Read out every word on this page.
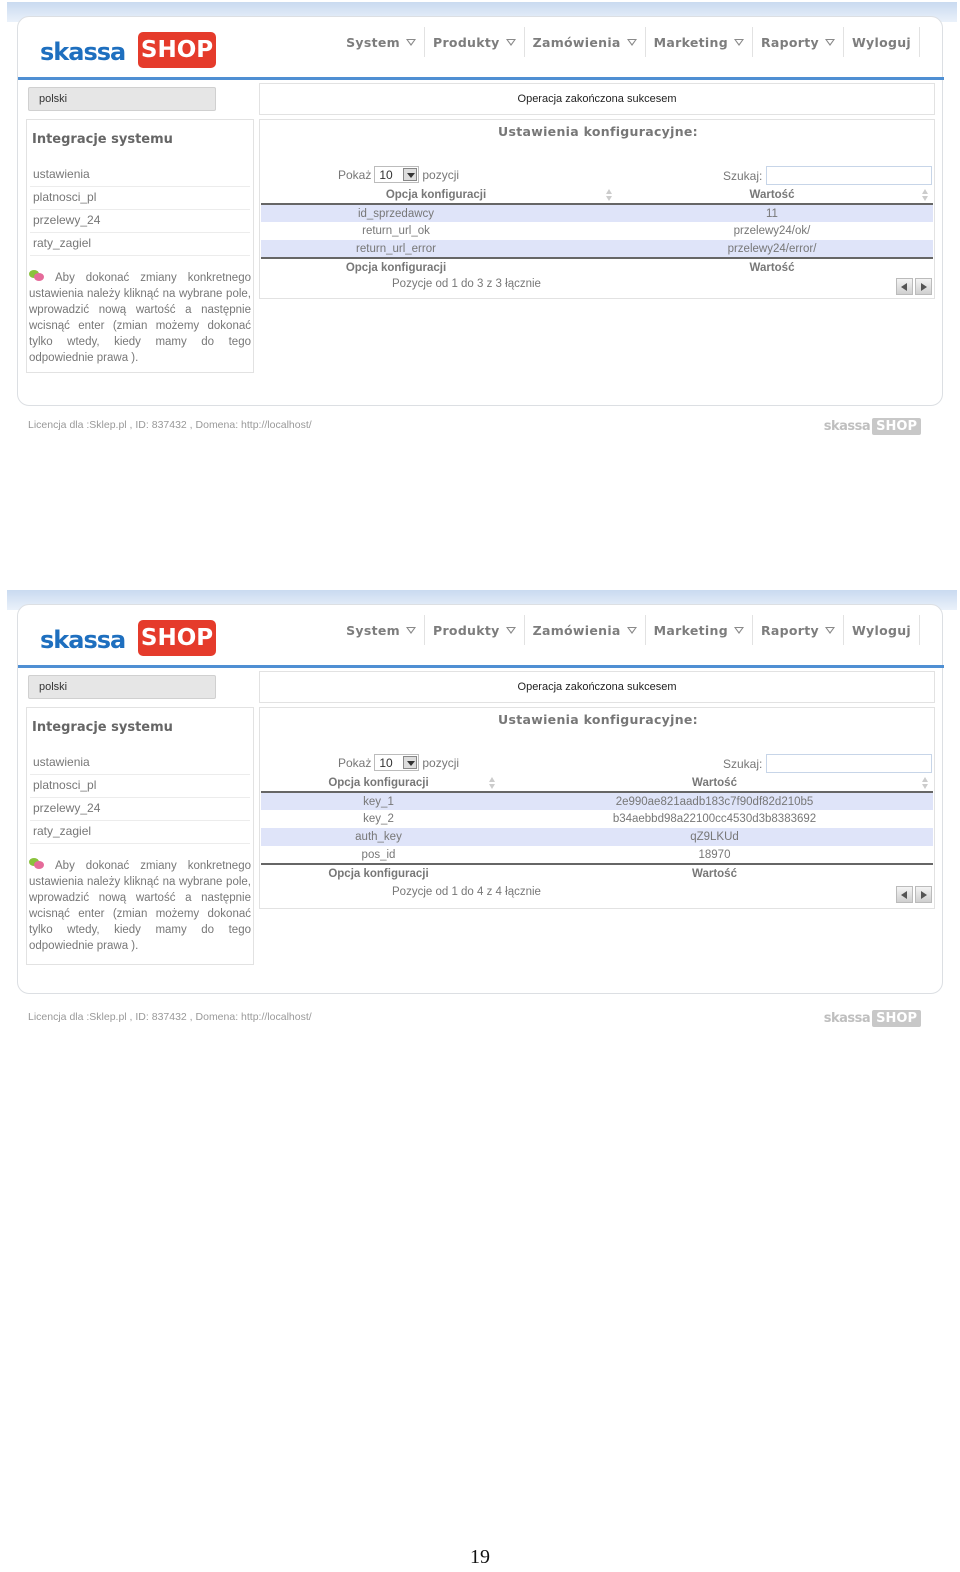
skassa SHOP	System	Produkty	Zamówienia	Marketing	Raporty	Wyloguj
polski
Integracje systemu
ustawienia
platnosci_pl
przelewy_24
raty_zagiel
Aby dokonać zmiany konkretnego ustawienia należy kliknąć na wybrane pole, wprowadzić nową wartość a następnie wcisnąć enter (zmian możemy dokonać tylko wtedy, kiedy mamy do tego odpowiednie prawa ).
Operacja zakończona sukcesem
Ustawienia konfiguracyjne:
Pokaż 10	pozycji	Szukaj:
Opcja konfiguracji	Wartość

id_sprzedawcy	11
return_url_ok	przelewy24/ok/
return_url_error	przelewy24/error/
Opcja konfiguracji	Wartość
Pozycje od 1 do 3 z 3 łącznie
Licencja dla :Sklep.pl , ID: 837432 , Domena: http://localhost/	skassa SHOP
skassa SHOP	System	Produkty	Zamówienia	Marketing	Raporty	Wyloguj
polski
Integracje systemu
ustawienia
platnosci_pl
przelewy_24
raty_zagiel
Aby dokonać zmiany konkretnego ustawienia należy kliknąć na wybrane pole, wprowadzić nową wartość a następnie wcisnąć enter (zmian możemy dokonać tylko wtedy, kiedy mamy do tego odpowiednie prawa ).
Operacja zakończona sukcesem
Ustawienia konfiguracyjne:
Pokaż 10	pozycji	Szukaj:
Opcja konfiguracji	Wartość

key_1	2e990ae821aadb183c7f90df82d210b5
key_2	b34aebbd98a22100cc4530d3b8383692
auth_key	qZ9LKUd
pos_id	18970
Opcja konfiguracji	Wartość
Pozycje od 1 do 4 z 4 łącznie
Licencja dla :Sklep.pl , ID: 837432 , Domena: http://localhost/	skassa SHOP
19
